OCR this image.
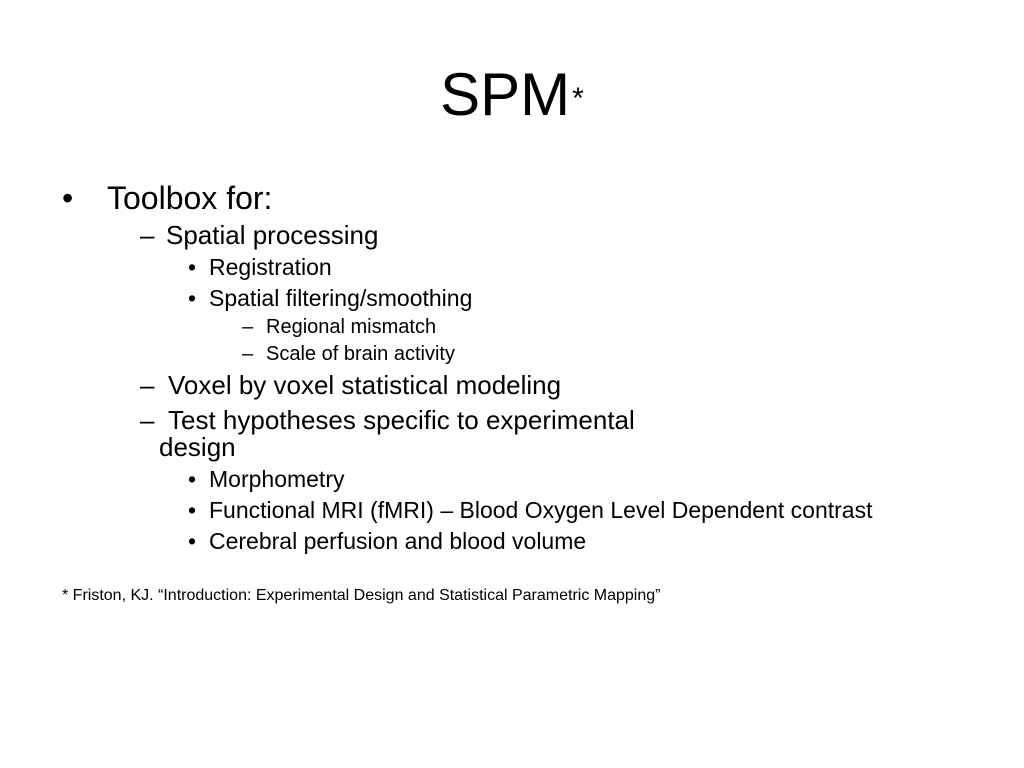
SPM*
• Toolbox for:
– Spatial processing
• Registration
• Spatial filtering/smoothing
– Regional mismatch
– Scale of brain activity
– Voxel by voxel statistical modeling
– Test hypotheses specific to experimental
design
• Morphometry
• Functional MRI (fMRI) – Blood Oxygen Level Dependent contrast
• Cerebral perfusion and blood volume
* Friston, KJ. “Introduction: Experimental Design and Statistical Parametric Mapping”
